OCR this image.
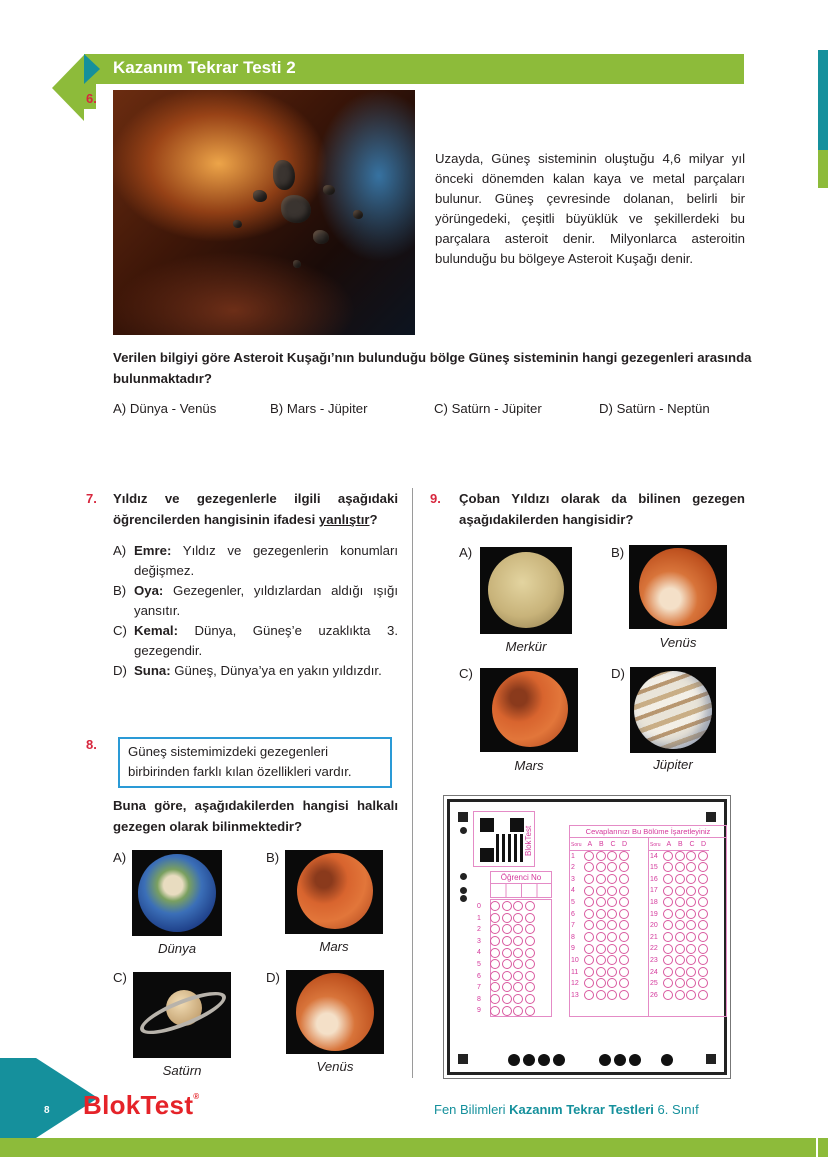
Kazanım Tekrar Testi 2
6.
Uzayda, Güneş sisteminin oluştuğu 4,6 milyar yıl önceki dönemden kalan kaya ve metal parçaları bulunur. Güneş çevresinde dolanan, belirli bir yörüngedeki, çeşitli büyüklük ve şekillerdeki bu parçalara asteroit denir. Milyonlarca asteroitin bulunduğu bu bölgeye Asteroit Kuşağı denir.
Verilen bilgiyi göre Asteroit Kuşağı’nın bulunduğu bölge Güneş sisteminin hangi gezegenleri arasında bulunmaktadır?
A) Dünya - Venüs	B) Mars - Jüpiter	C) Satürn - Jüpiter	D) Satürn - Neptün
7. Yıldız ve gezegenlerle ilgili aşağıdaki öğrencilerden hangisinin ifadesi yanlıştır?
A) Emre: Yıldız ve gezegenlerin konumları değişmez.
B) Oya: Gezegenler, yıldızlardan aldığı ışığı yansıtır.
C) Kemal: Dünya, Güneş’e uzaklıkta 3. gezegendir.
D) Suna: Güneş, Dünya’ya en yakın yıldızdır.
8.	Güneş sistemimizdeki gezegenleri birbirinden farklı kılan özellikleri vardır.
Buna göre, aşağıdakilerden hangisi halkalı gezegen olarak bilinmektedir?
A)
Dünya
B)
Mars
C)
Satürn
D)
Venüs
9. Çoban Yıldızı olarak da bilinen gezegen aşağıdakilerden hangisidir?
A)
Merkür
B)
Venüs
C)
Mars
D)
Jüpiter
BlokTest
Öğrenci No
0
1
2
3
4
5
6
7
8
9
Cevaplarınızı Bu Bölüme İşaretleyiniz
Soru A B C D
1
2
3
4
5
6
7
8
9
10
11
12
13
Soru A B C D
14
15
16
17
18
19
20
21
22
23
24
25
26
8 BlokTest®
Fen Bilimleri Kazanım Tekrar Testleri 6. Sınıf
